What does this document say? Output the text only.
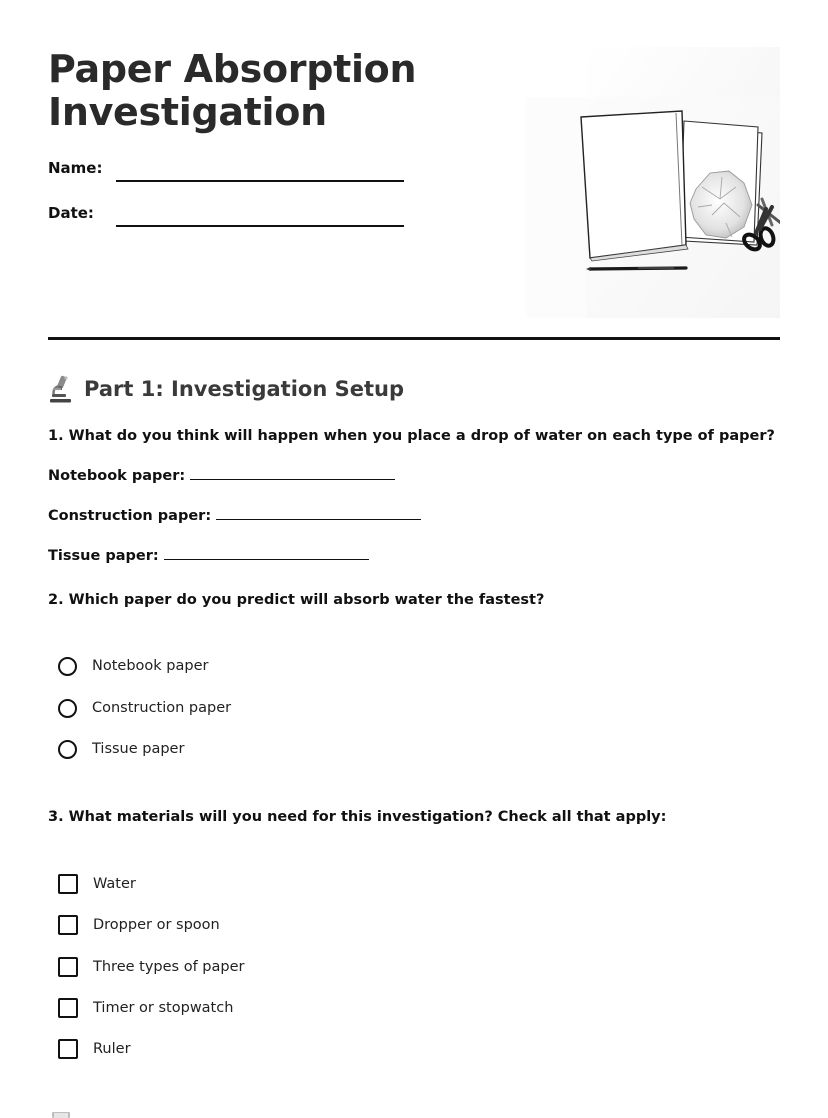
Paper Absorption
Investigation
Name:
Date:
Part 1: Investigation Setup
1. What do you think will happen when you place a drop of water on each type of paper?
Notebook paper:
Construction paper:
Tissue paper:
2. Which paper do you predict will absorb water the fastest?
Notebook paper
Construction paper
Tissue paper
3. What materials will you need for this investigation? Check all that apply:
Water
Dropper or spoon
Three types of paper
Timer or stopwatch
Ruler
